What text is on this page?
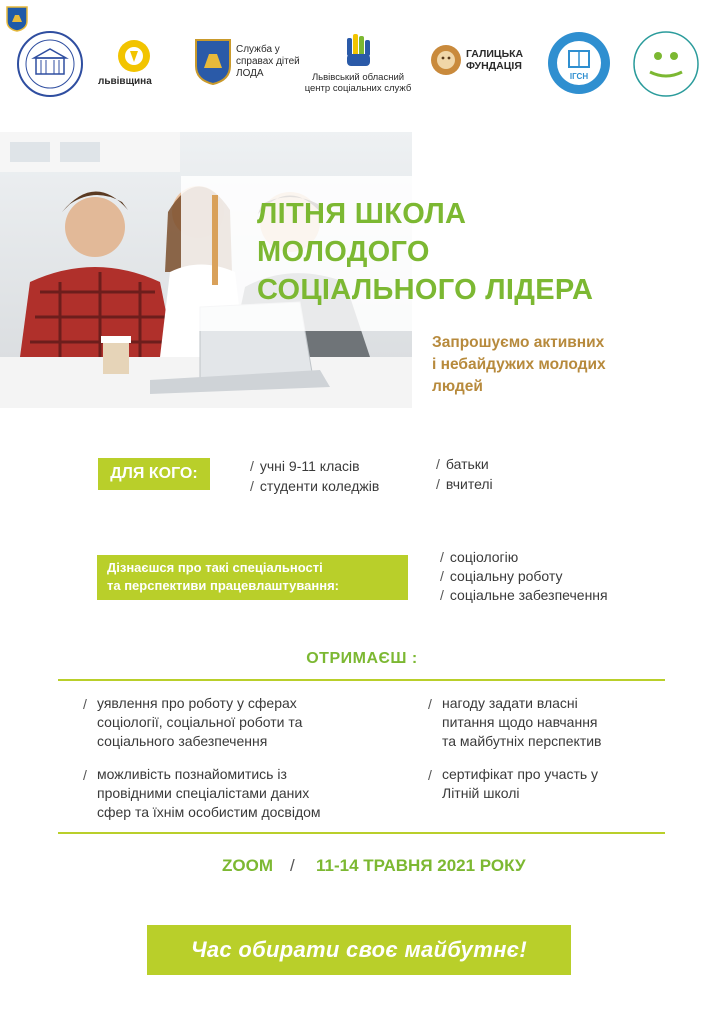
львівщина
Служба у
справах дітей
ЛОДА	Львівський обласний
центр соціальних служб
ГАЛИЦЬКА
ФУНДАЦІЯ
ІГСН
ЛІТНЯ ШКОЛА
МОЛОДОГО
СОЦІАЛЬНОГО ЛІДЕРА
Запрошуємо активних
і небайдужих молодих
людей
ДЛЯ КОГО:	/ учні 9-11 класів
/ студенти коледжів
/ батьки
/ вчителі
Дізнаєшся про такі спеціальності
та перспективи працевлаштування:
/ соціологію
/ соціальну роботу
/ соціальне забезпечення
ОТРИМАЄШ :
/ уявлення про роботу у сферах
соціології, соціальної роботи та
соціального забезпечення
/ нагоду задати власні
питання щодо навчання
та майбутніх перспектив
/ можливість познайомитись із
провідними спеціалістами даних
сфер та їхнім особистим досвідом
/ сертифікат про участь у
Літній школі
ZOOM / 11-14 ТРАВНЯ 2021 РОКУ
Час обирати своє майбутнє!
